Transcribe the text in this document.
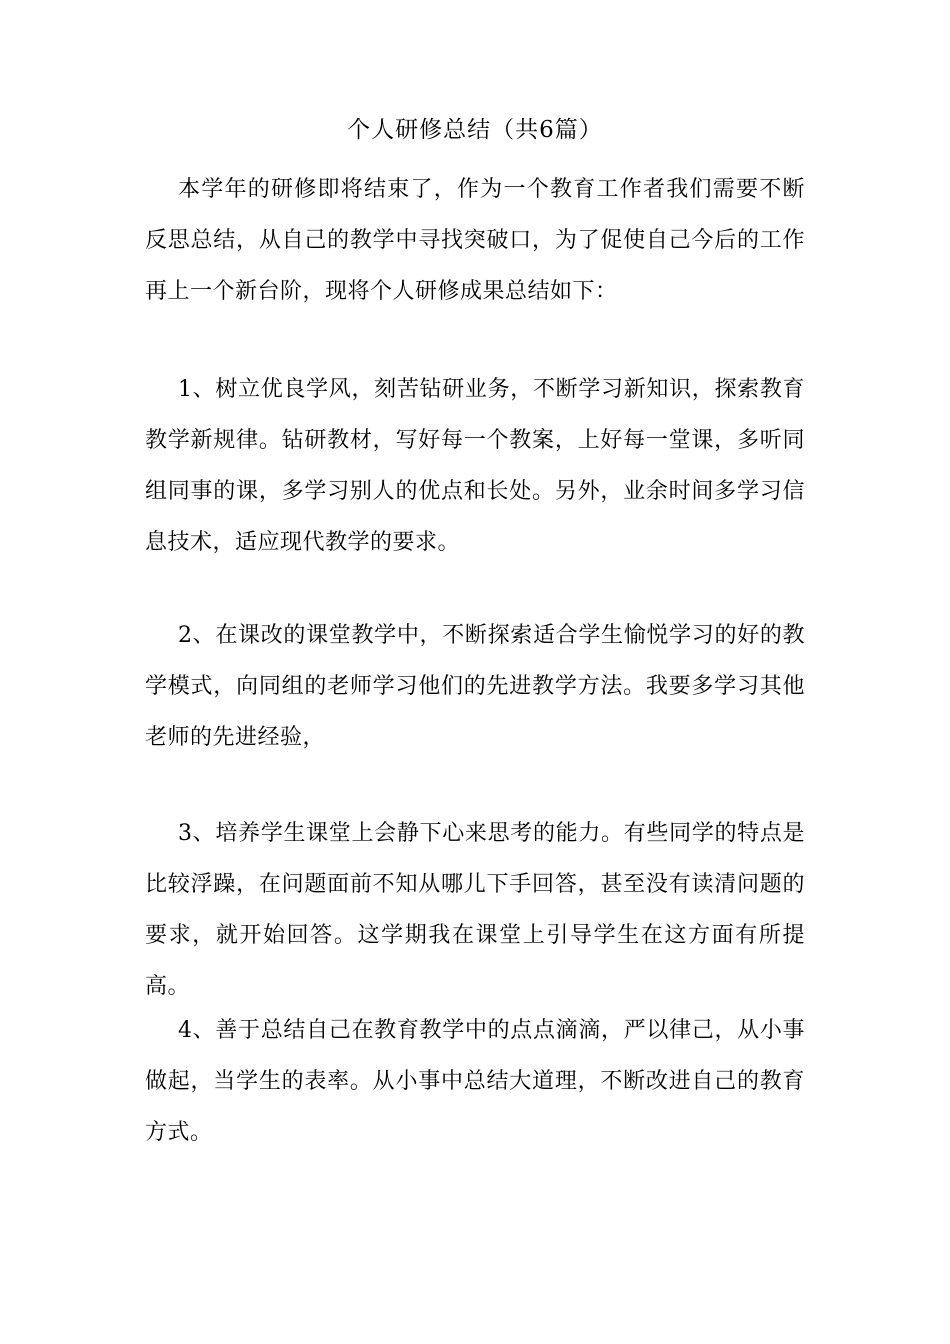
个人研修总结（共6篇）

本学年的研修即将结束了，作为一个教育工作者我们需要不断反思总结，从自己的教学中寻找突破口，为了促使自己今后的工作再上一个新台阶，现将个人研修成果总结如下：

1、树立优良学风，刻苦钻研业务，不断学习新知识，探索教育教学新规律。钻研教材，写好每一个教案，上好每一堂课，多听同组同事的课，多学习别人的优点和长处。另外，业余时间多学习信息技术，适应现代教学的要求。

2、在课改的课堂教学中，不断探索适合学生愉悦学习的好的教学模式，向同组的老师学习他们的先进教学方法。我要多学习其他老师的先进经验，

3、培养学生课堂上会静下心来思考的能力。有些同学的特点是比较浮躁，在问题面前不知从哪儿下手回答，甚至没有读清问题的要求，就开始回答。这学期我在课堂上引导学生在这方面有所提高。

4、善于总结自己在教育教学中的点点滴滴，严以律己，从小事做起，当学生的表率。从小事中总结大道理，不断改进自己的教育方式。
